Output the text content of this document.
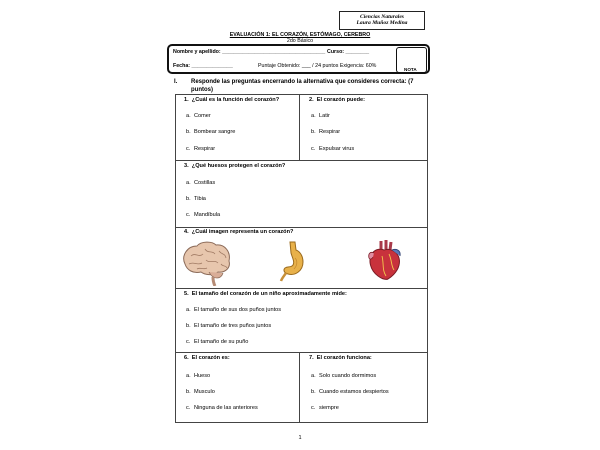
Ciencias Naturales
Laura Muñoz Medina
EVALUACIÓN 1: EL CORAZÓN, ESTÓMAGO, CEREBRO
2do Básico
Nombre y apellido: ___________________________________ Curso: ________
Fecha: ______________	Puntaje Obtenido: ___ / 24 puntos Exigencia: 60%
NOTA
I. Responde las preguntas encerrando la alternativa que consideres correcta: (7 puntos)
1. ¿Cuál es la función del corazón?
a. Comer
b. Bombear sangre
c. Respirar
2. El corazón puede:
a. Latir
b. Respirar
c. Expulsar virus
3. ¿Qué huesos protegen el corazón?
a. Costillas
b. Tibia
c. Mandíbula
4. ¿Cuál imagen representa un corazón?
5. El tamaño del corazón de un niño aproximadamente mide:
a. El tamaño de sus dos puños juntos
b. El tamaño de tres puños juntos
c. El tamaño de su puño
6. El corazón es:
a. Hueso
b. Musculo
c. Ninguna de las anteriores
7. El corazón funciona:
a. Solo cuando dormimos
b. Cuando estamos despiertos
c. siempre
1
